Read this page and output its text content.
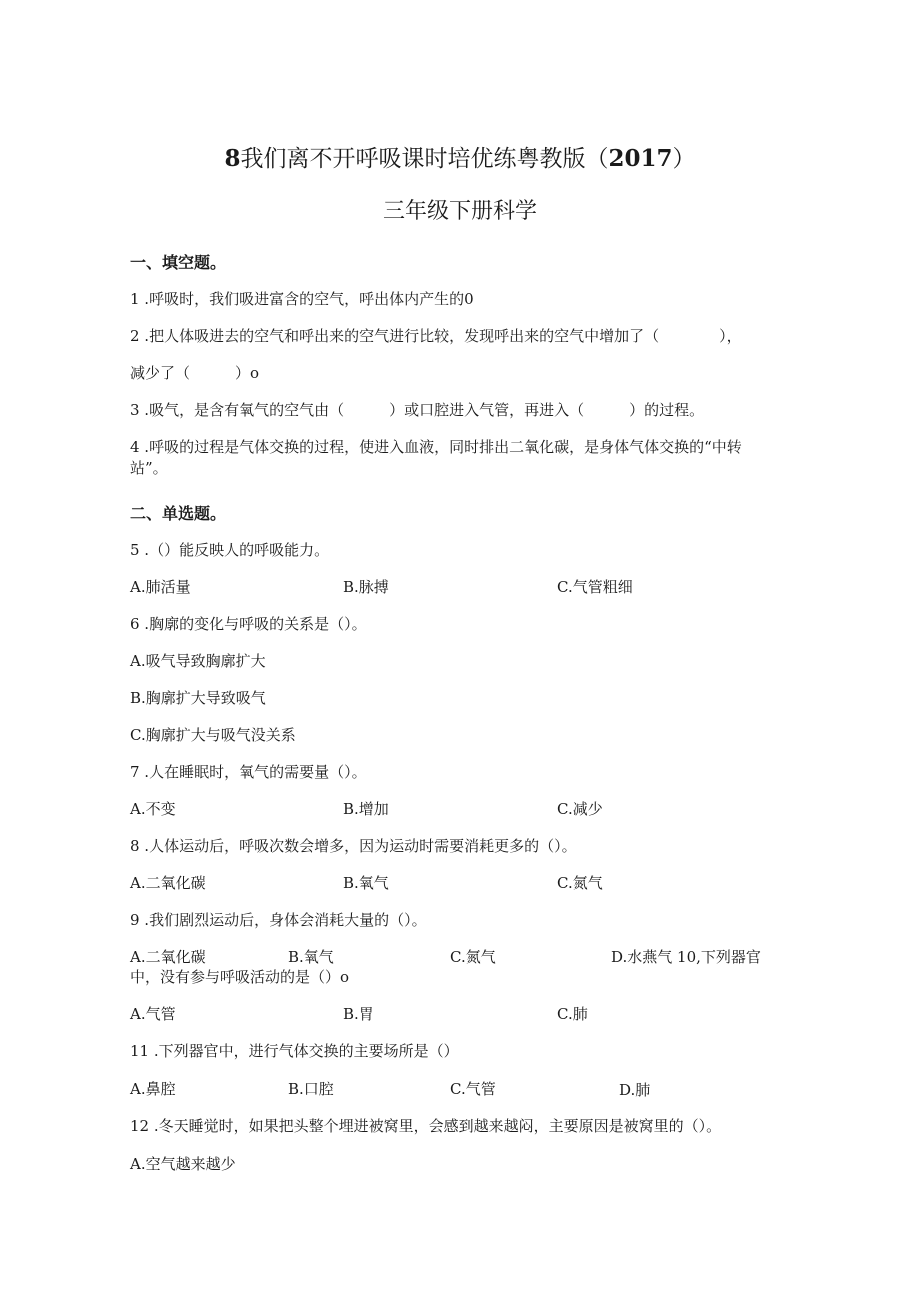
8我们离不开呼吸课时培优练粤教版（2017）
三年级下册科学
一、填空题。
1 .呼吸时，我们吸进富含的空气，呼出体内产生的0
2 .把人体吸进去的空气和呼出来的空气进行比较，发现呼出来的空气中增加了（　　　　），
减少了（　　　）o
3 .吸气，是含有氧气的空气由（　　　）或口腔进入气管，再进入（　　　）的过程。
4 .呼吸的过程是气体交换的过程，使进入血液，同时排出二氧化碳，是身体气体交换的“中转
站”。
二、单选题。
5 .（）能反映人的呼吸能力。
A.肺活量	B.脉搏	C.气管粗细
6 .胸廓的变化与呼吸的关系是（）。
A.吸气导致胸廓扩大
B.胸廓扩大导致吸气
C.胸廓扩大与吸气没关系
7 .人在睡眠时，氧气的需要量（）。
A.不变	B.增加	C.减少
8 .人体运动后，呼吸次数会增多，因为运动时需要消耗更多的（）。
A.二氧化碳	B.氧气	C.氮气
9 .我们剧烈运动后，身体会消耗大量的（）。
A.二氧化碳	B.氧气	C.氮气	D.水燕气 10,下列器官
中，没有参与呼吸活动的是（）o
A.气管	B.胃	C.肺
11 .下列器官中，进行气体交换的主要场所是（）
A.鼻腔	B.口腔	C.气管	D.肺
12 .冬天睡觉时，如果把头整个埋进被窝里，会感到越来越闷，主要原因是被窝里的（）。
A.空气越来越少
